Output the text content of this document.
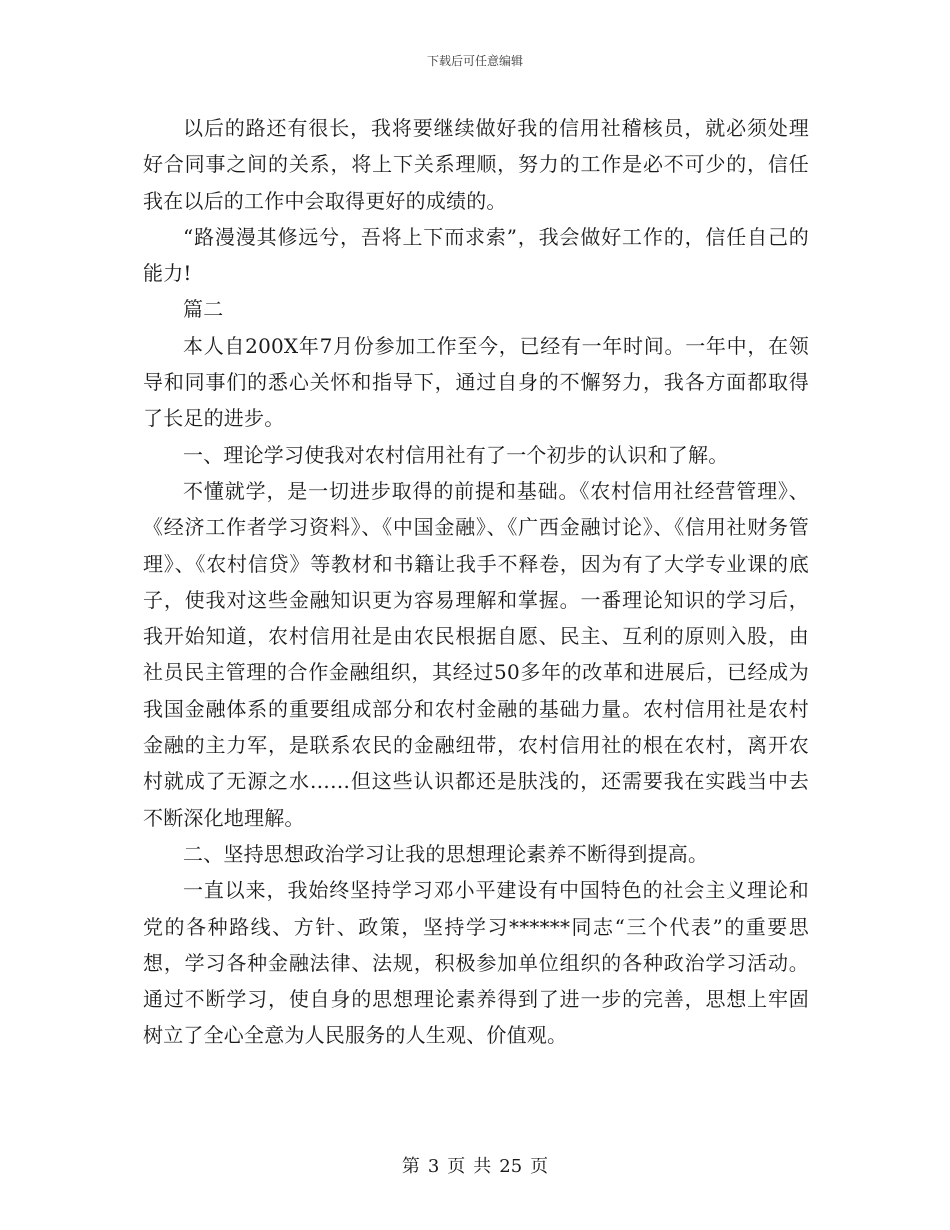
下载后可任意编辑

以后的路还有很长，我将要继续做好我的信用社稽核员，就必须处理好合同事之间的关系，将上下关系理顺，努力的工作是必不可少的，信任我在以后的工作中会取得更好的成绩的。

“路漫漫其修远兮，吾将上下而求索”，我会做好工作的，信任自己的能力!

篇二

本人自200X年7月份参加工作至今，已经有一年时间。一年中，在领导和同事们的悉心关怀和指导下，通过自身的不懈努力，我各方面都取得了长足的进步。

一、理论学习使我对农村信用社有了一个初步的认识和了解。

不懂就学，是一切进步取得的前提和基础。《农村信用社经营管理》、《经济工作者学习资料》、《中国金融》、《广西金融讨论》、《信用社财务管理》、《农村信贷》等教材和书籍让我手不释卷，因为有了大学专业课的底子，使我对这些金融知识更为容易理解和掌握。一番理论知识的学习后，我开始知道，农村信用社是由农民根据自愿、民主、互利的原则入股，由社员民主管理的合作金融组织，其经过50多年的改革和进展后，已经成为我国金融体系的重要组成部分和农村金融的基础力量。农村信用社是农村金融的主力军，是联系农民的金融纽带，农村信用社的根在农村，离开农村就成了无源之水……但这些认识都还是肤浅的，还需要我在实践当中去不断深化地理解。

二、坚持思想政治学习让我的思想理论素养不断得到提高。

一直以来，我始终坚持学习邓小平建设有中国特色的社会主义理论和党的各种路线、方针、政策，坚持学习******同志“三个代表”的重要思想，学习各种金融法律、法规，积极参加单位组织的各种政治学习活动。通过不断学习，使自身的思想理论素养得到了进一步的完善，思想上牢固树立了全心全意为人民服务的人生观、价值观。

第 3 页 共 25 页
